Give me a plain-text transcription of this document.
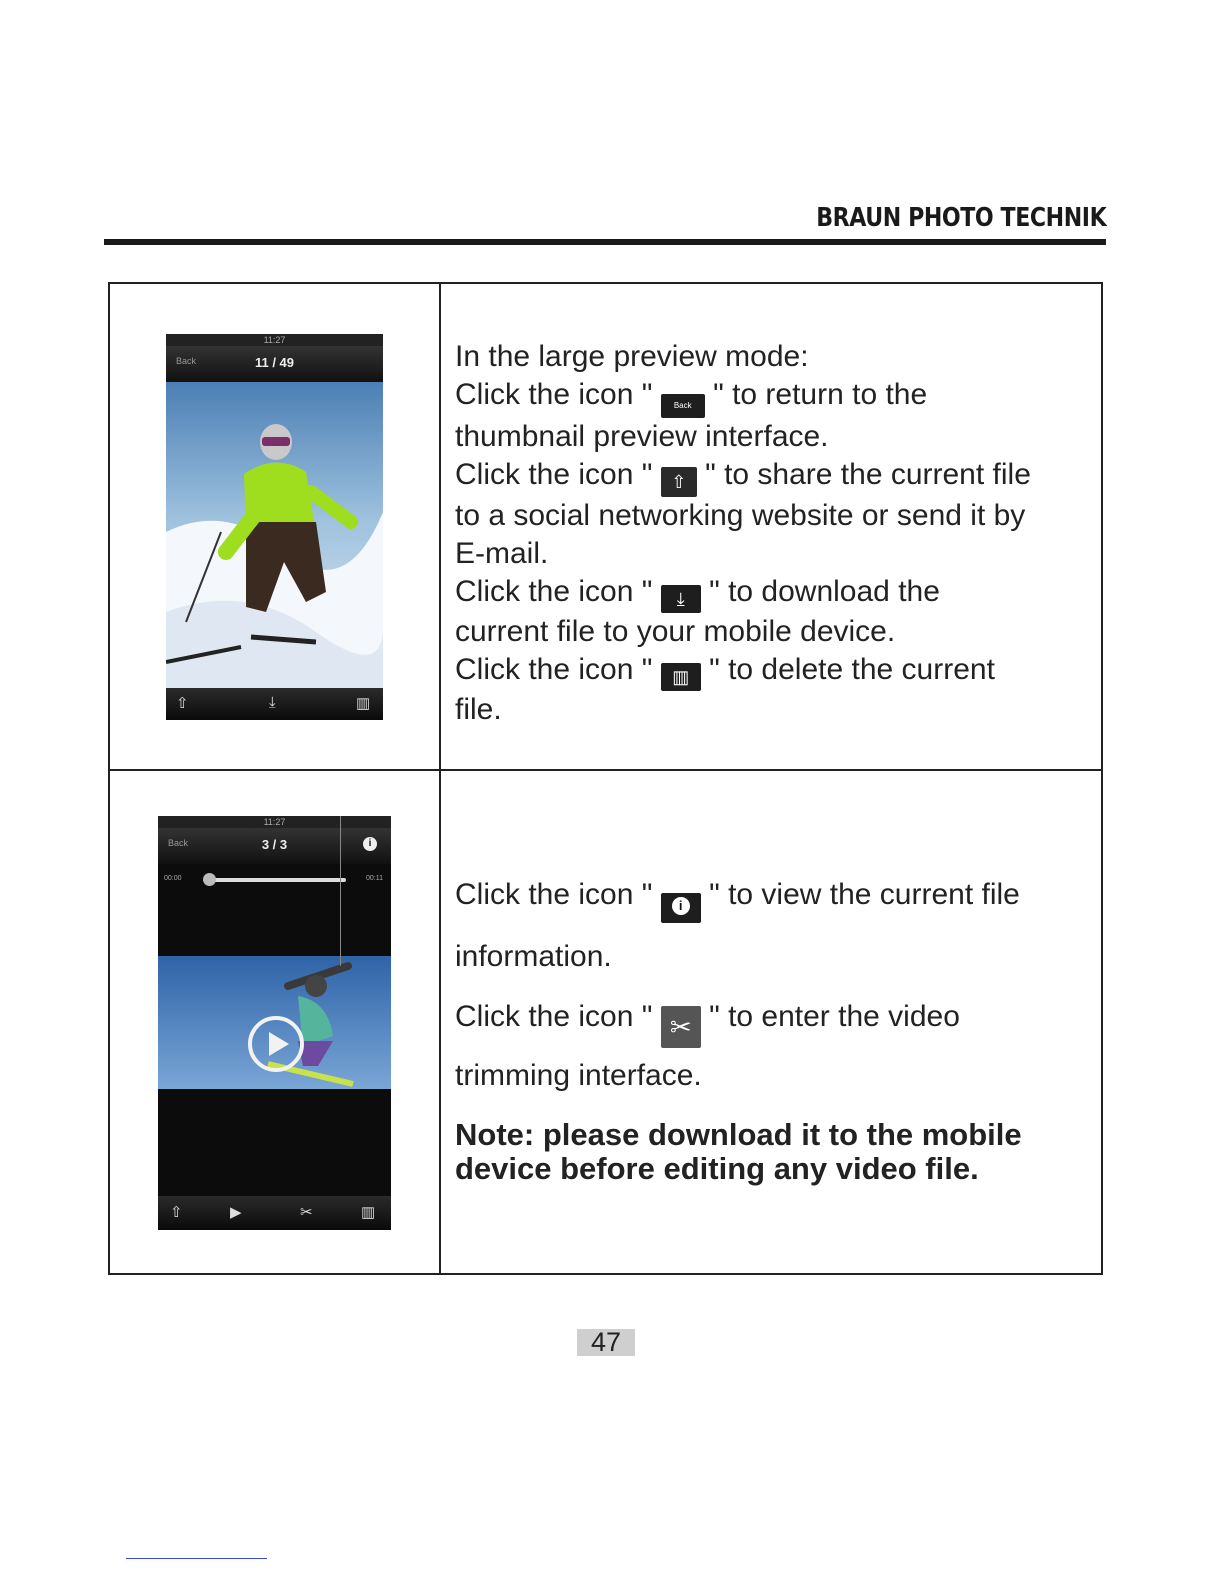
BRAUN PHOTO TECHNIK
11:27
Back	11 / 49
⇧	⤓	▥
11:27
Back	3 / 3	i
00:00	00:11
⇧	▶	✂	▥
In the large preview mode:
Click the icon "	Back " to return to the
thumbnail preview interface.
Click the icon " ⇧ " to share the current file
to a social networking website or send it by
E-mail.
Click the icon " ⤓ " to download the
current file to your mobile device.
Click the icon " ▥ " to delete the current
file.
Click the icon " i " to view the current file
information.
Click the icon " ✂ " to enter the video
trimming interface.
Note: please download it to the mobile device before editing any video file.
47
